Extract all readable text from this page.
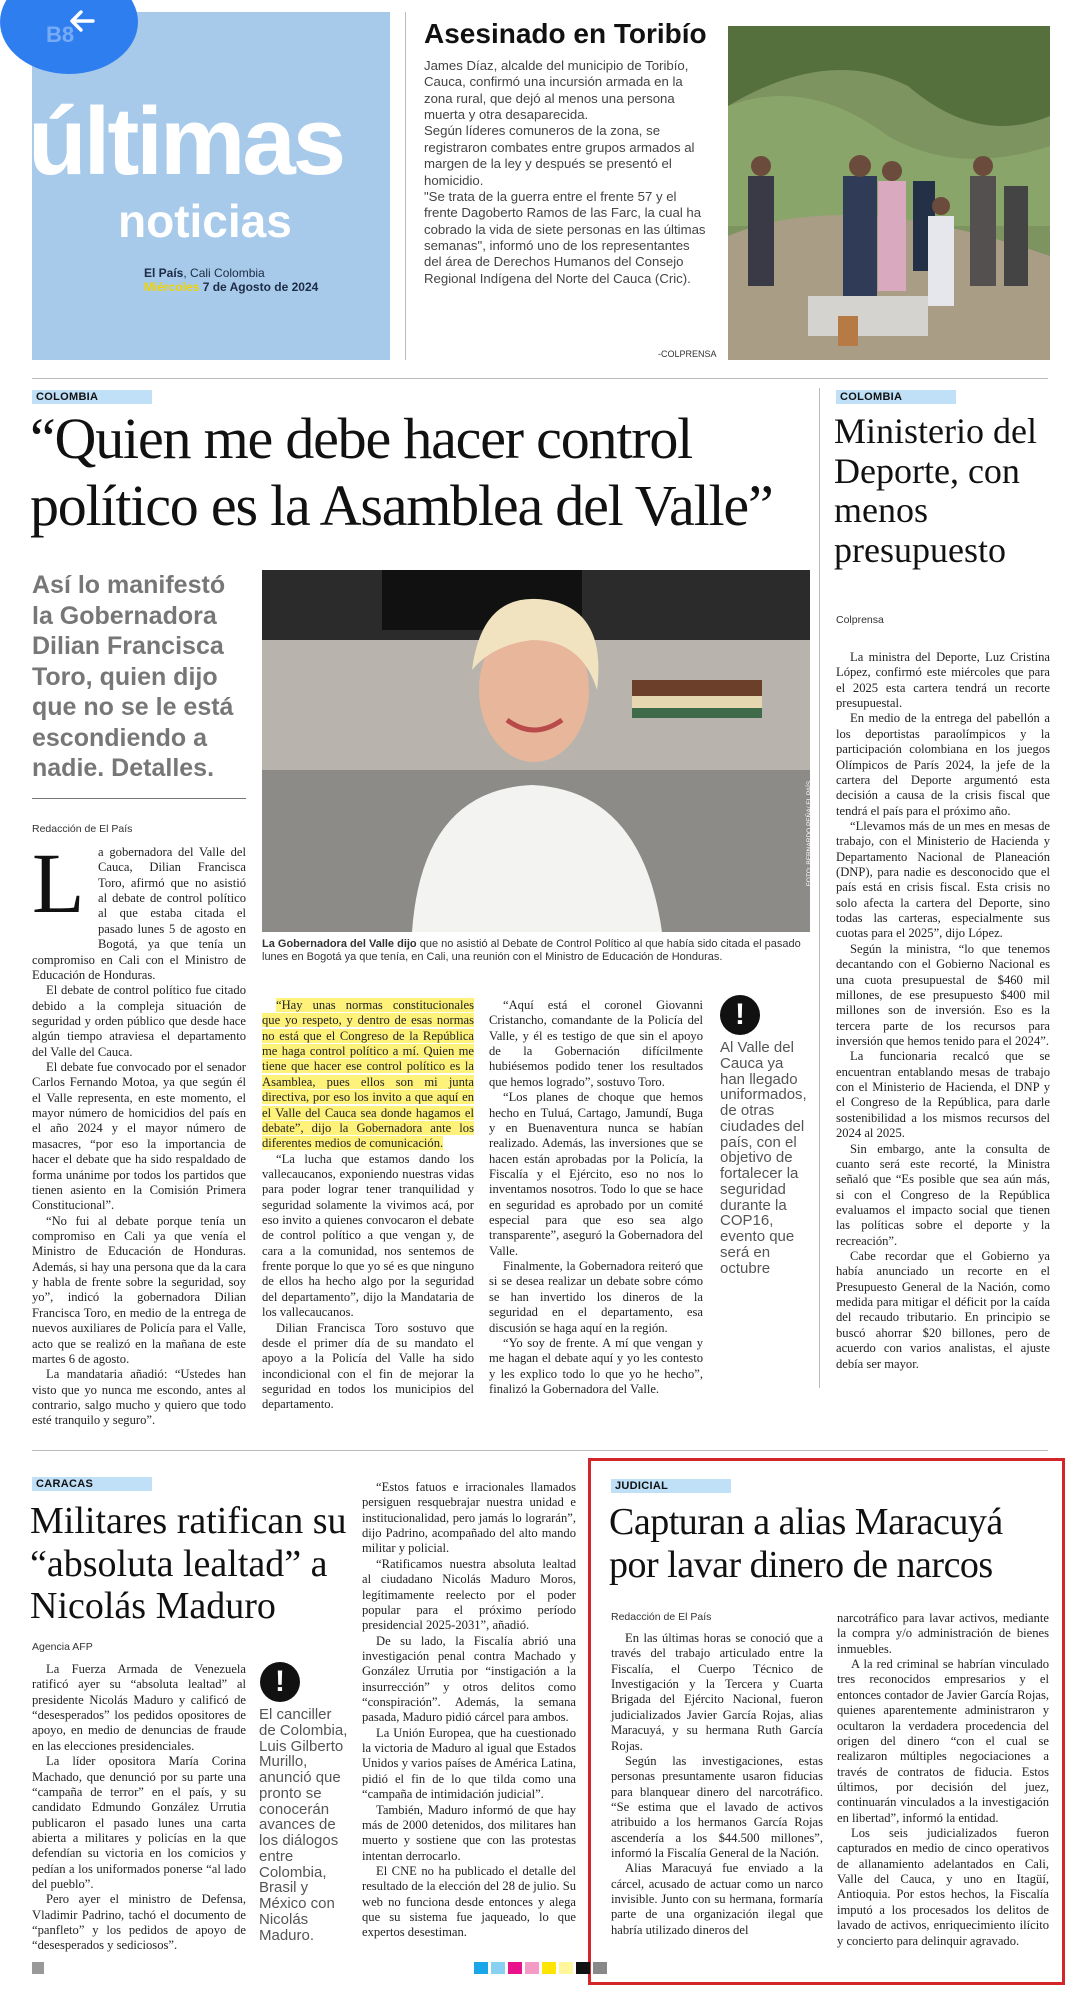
últimas
noticias
El País, Cali Colombia
Miércoles 7 de Agosto de 2024
B8	Asesinado en Toribío

James Díaz, alcalde del municipio de Toribío, Cauca, confirmó una incursión armada en la zona rural, que dejó al menos una persona muerta y otra desaparecida.

Según líderes comuneros de la zona, se registraron combates entre grupos armados al margen de la ley y después se presentó el homicidio.

"Se trata de la guerra entre el frente 57 y el frente Dagoberto Ramos de las Farc, la cual ha cobrado la vida de siete personas en las últimas semanas", informó uno de los representantes del área de Derechos Humanos del Consejo Regional Indígena del Norte del Cauca (Cric).

-COLPRENSA
COLOMBIA
“Quien me debe hacer control político es la Asamblea del Valle”
Así lo manifestó la Gobernadora Dilian Francisca Toro, quien dijo que no se le está escondiendo a nadie. Detalles.
FOTO: BERNARDO PEÑA/ EL PAÍS
La Gobernadora del Valle dijo que no asistió al Debate de Control Político al que había sido citada el pasado lunes en Bogotá ya que tenía, en Cali, una reunión con el Ministro de Educación de Honduras.
Redacción de El País
L	a gobernadora del Valle del Cauca, Dilian Francisca Toro, afirmó que no asistió al debate de control político al que estaba citada el pasado lunes 5 de agosto en Bogotá, ya que tenía un compromiso en Cali con el Ministro de Educación de Honduras.

El debate de control político fue citado debido a la compleja situación de seguridad y orden público que desde hace algún tiempo atraviesa el departamento del Valle del Cauca.

El debate fue convocado por el senador Carlos Fernando Motoa, ya que según él el Valle representa, en este momento, el mayor número de homicidios del país en el año 2024 y el mayor número de masacres, “por eso la importancia de hacer el debate que ha sido respaldado de forma unánime por todos los partidos que tienen asiento en la Comisión Primera Constitucional”.

“No fui al debate porque tenía un compromiso en Cali ya que venía el Ministro de Educación de Honduras. Además, si hay una persona que da la cara y habla de frente sobre la seguridad, soy yo”, indicó la gobernadora Dilian Francisca Toro, en medio de la entrega de nuevos auxiliares de Policía para el Valle, acto que se realizó en la mañana de este martes 6 de agosto.

La mandataria añadió: “Ustedes han visto que yo nunca me escondo, antes al contrario, salgo mucho y quiero que todo esté tranquilo y seguro”.

“Hay unas normas constitucionales que yo respeto, y dentro de esas normas no está que el Congreso de la República me haga control político a mí. Quien me tiene que hacer ese control político es la Asamblea, pues ellos son mi junta directiva, por eso los invito a que aquí en el Valle del Cauca sea donde hagamos el debate”, dijo la Gobernadora ante los diferentes medios de comunicación.

“La lucha que estamos dando los vallecaucanos, exponiendo nuestras vidas para poder lograr tener tranquilidad y seguridad solamente la vivimos acá, por eso invito a quienes convocaron el debate de control político a que vengan y, de cara a la comunidad, nos sentemos de frente porque lo que yo sé es que ninguno de ellos ha hecho algo por la seguridad del departamento”, dijo la Mandataria de los vallecaucanos.

Dilian Francisca Toro sostuvo que desde el primer día de su mandato el apoyo a la Policía del Valle ha sido incondicional con el fin de mejorar la seguridad en todos los municipios del departamento.

“Aquí está el coronel Giovanni Cristancho, comandante de la Policía del Valle, y él es testigo de que sin el apoyo de la Gobernación difícilmente hubiésemos podido tener los resultados que hemos logrado”, sostuvo Toro.

“Los planes de choque que hemos hecho en Tuluá, Cartago, Jamundí, Buga y en Buenaventura nunca se habían realizado. Además, las inversiones que se hacen están aprobadas por la Policía, la Fiscalía y el Ejército, eso no nos lo inventamos nosotros. Todo lo que se hace en seguridad es aprobado por un comité especial para que eso sea algo transparente”, aseguró la Gobernadora del Valle.

Finalmente, la Gobernadora reiteró que si se desea realizar un debate sobre cómo se han invertido los dineros de la seguridad en el departamento, esa discusión se haga aquí en la región.

“Yo soy de frente. A mí que vengan y me hagan el debate aquí y yo les contesto y les explico todo lo que yo he hecho”, finalizó la Gobernadora del Valle.

!
Al Valle del Cauca ya han llegado uniformados, de otras ciudades del país, con el objetivo de fortalecer la seguridad durante la COP16, evento que será en octubre
COLOMBIA
Ministerio del Deporte, con menos presupuesto
Colprensa

La ministra del Deporte, Luz Cristina López, confirmó este miércoles que para el 2025 esta cartera tendrá un recorte presupuestal.

En medio de la entrega del pabellón a los deportistas paraolímpicos y la participación colombiana en los juegos Olímpicos de París 2024, la jefe de la cartera del Deporte argumentó esta decisión a causa de la crisis fiscal que tendrá el país para el próximo año.

“Llevamos más de un mes en mesas de trabajo, con el Ministerio de Hacienda y Departamento Nacional de Planeación (DNP), para nadie es desconocido que el país está en crisis fiscal. Esta crisis no solo afecta la cartera del Deporte, sino todas las carteras, especialmente sus cuotas para el 2025”, dijo López.

Según la ministra, “lo que tenemos decantando con el Gobierno Nacional es una cuota presupuestal de $460 mil millones, de ese presupuesto $400 mil millones son de inversión. Eso es la tercera parte de los recursos para inversión que hemos tenido para el 2024”.

La funcionaria recalcó que se encuentran entablando mesas de trabajo con el Ministerio de Hacienda, el DNP y el Congreso de la República, para darle sostenibilidad a los mismos recursos del 2024 al 2025.

Sin embargo, ante la consulta de cuanto será este recorté, la Ministra señaló que “Es posible que sea aún más, si con el Congreso de la República evaluamos el impacto social que tienen las políticas sobre el deporte y la recreación”.

Cabe recordar que el Gobierno ya había anunciado un recorte en el Presupuesto General de la Nación, como medida para mitigar el déficit por la caída del recaudo tributario. En principio se buscó ahorrar $20 billones, pero de acuerdo con varios analistas, el ajuste debía ser mayor.

CARACAS
Militares ratifican su “absoluta lealtad” a Nicolás Maduro
Agencia AFP

La Fuerza Armada de Venezuela ratificó ayer su “absoluta lealtad” al presidente Nicolás Maduro y calificó de “desesperados” los pedidos opositores de apoyo, en medio de denuncias de fraude en las elecciones presidenciales.

La líder opositora María Corina Machado, que denunció por su parte una “campaña de terror” en el país, y su candidato Edmundo González Urrutia publicaron el pasado lunes una carta abierta a militares y policías en la que defendían su victoria en los comicios y pedían a los uniformados ponerse “al lado del pueblo”.

Pero ayer el ministro de Defensa, Vladimir Padrino, tachó el documento de “panfleto” y los pedidos de apoyo de “desesperados y sediciosos”.

!
El canciller de Colombia, Luis Gilberto Murillo, anunció que pronto se conocerán avances de los diálogos entre Colombia, Brasil y México con Nicolás Maduro.

“Estos fatuos e irracionales llamados persiguen resquebrajar nuestra unidad e institucionalidad, pero jamás lo lograrán”, dijo Padrino, acompañado del alto mando militar y policial.

“Ratificamos nuestra absoluta lealtad al ciudadano Nicolás Maduro Moros, legítimamente reelecto por el poder popular para el próximo período presidencial 2025-2031”, añadió.

De su lado, la Fiscalía abrió una investigación penal contra Machado y González Urrutia por “instigación a la insurrección” y otros delitos como “conspiración”. Además, la semana pasada, Maduro pidió cárcel para ambos.

La Unión Europea, que ha cuestionado la victoria de Maduro al igual que Estados Unidos y varios países de América Latina, pidió el fin de lo que tilda como una “campaña de intimidación judicial”.

También, Maduro informó de que hay más de 2000 detenidos, dos militares han muerto y sostiene que con las protestas intentan derrocarlo.

El CNE no ha publicado el detalle del resultado de la elección del 28 de julio. Su web no funciona desde entonces y alega que su sistema fue jaqueado, lo que expertos desestiman.

JUDICIAL
Capturan a alias Maracuyá por lavar dinero de narcos
Redacción de El País

En las últimas horas se conoció que a través del trabajo articulado entre la Fiscalía, el Cuerpo Técnico de Investigación y la Tercera y Cuarta Brigada del Ejército Nacional, fueron judicializados Javier García Rojas, alias Maracuyá, y su hermana Ruth García Rojas.

Según las investigaciones, estas personas presuntamente usaron fiducias para blanquear dinero del narcotráfico. “Se estima que el lavado de activos atribuido a los hermanos García Rojas ascendería a los $44.500 millones”, informó la Fiscalía General de la Nación.

Alias Maracuyá fue enviado a la cárcel, acusado de actuar como un narco invisible. Junto con su hermana, formaría parte de una organización ilegal que habría utilizado dineros del

narcotráfico para lavar activos, mediante la compra y/o administración de bienes inmuebles.

A la red criminal se habrían vinculado tres reconocidos empresarios y el entonces contador de Javier García Rojas, quienes aparentemente administraron y ocultaron la verdadera procedencia del origen del dinero “con el cual se realizaron múltiples negociaciones a través de contratos de fiducia. Estos últimos, por decisión del juez, continuarán vinculados a la investigación en libertad”, informó la entidad.

Los seis judicializados fueron capturados en medio de cinco operativos de allanamiento adelantados en Cali, Valle del Cauca, y uno en Itagüí, Antioquia. Por estos hechos, la Fiscalía imputó a los procesados los delitos de lavado de activos, enriquecimiento ilícito y concierto para delinquir agravado.
